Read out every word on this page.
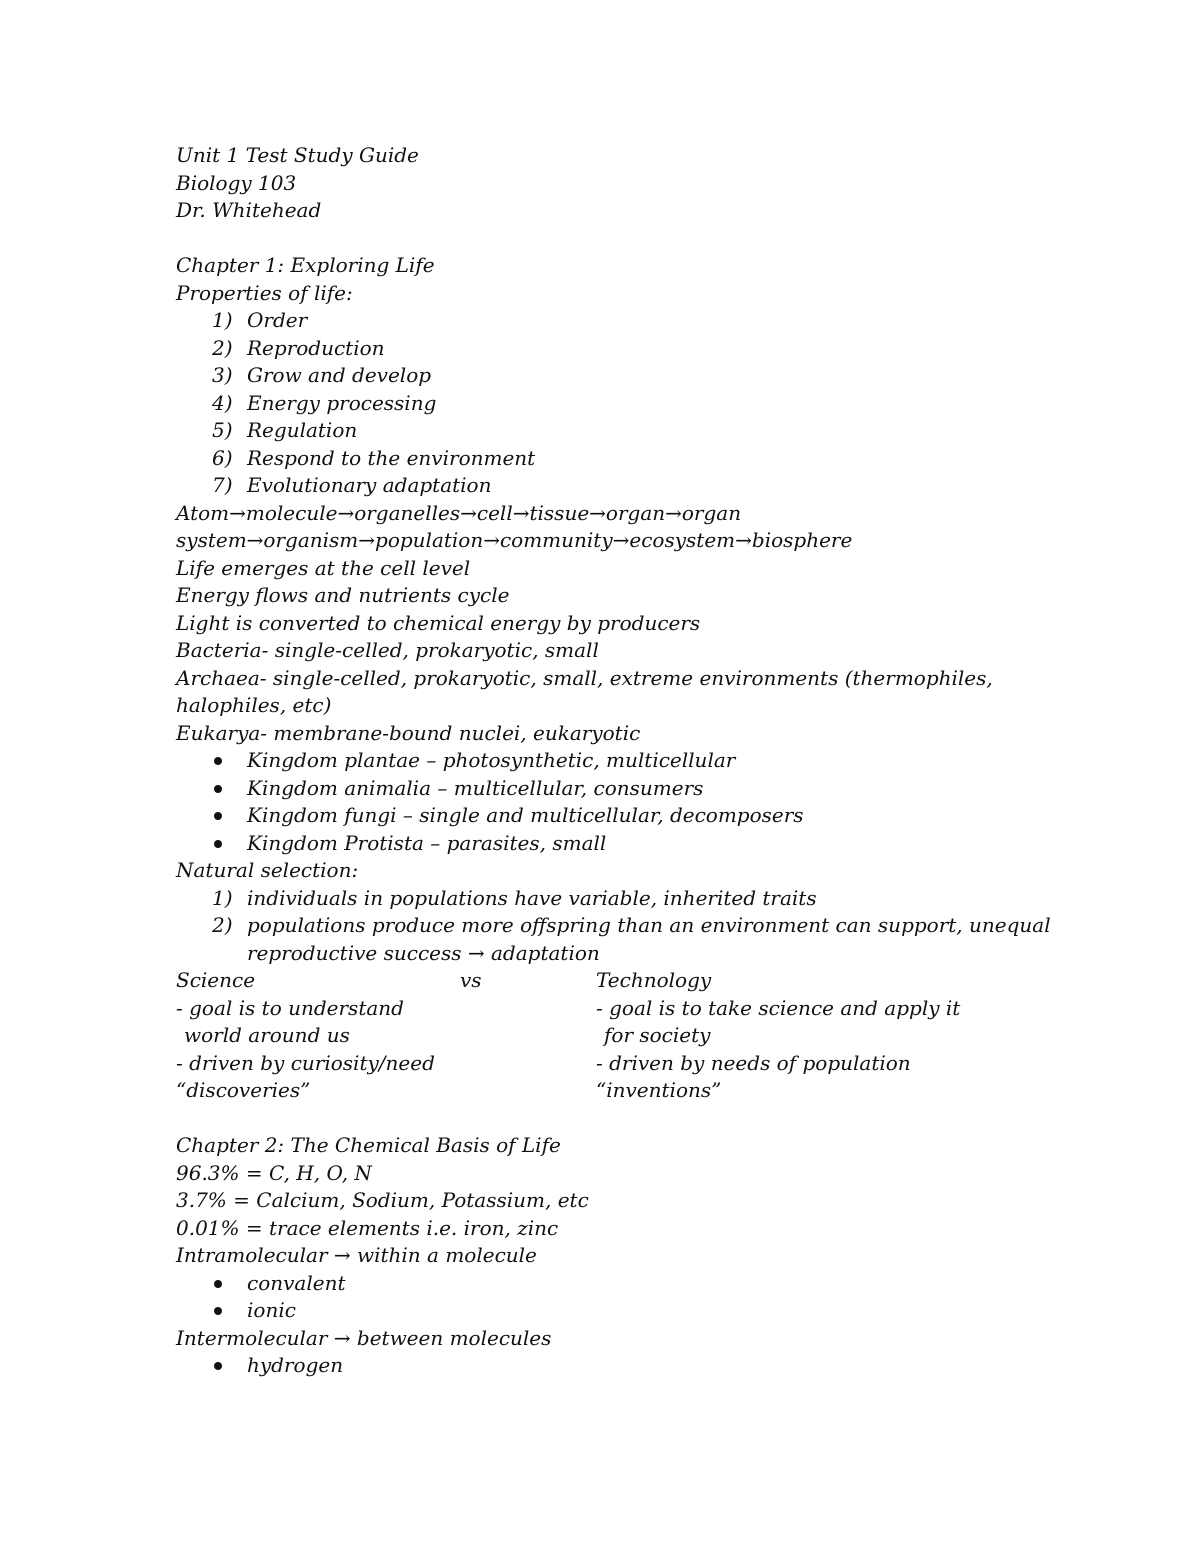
Unit 1 Test Study Guide
Biology 103
Dr. Whitehead
Chapter 1: Exploring Life
Properties of life:
1) Order
2) Reproduction
3) Grow and develop
4) Energy processing
5) Regulation
6) Respond to the environment
7) Evolutionary adaptation
Atom→molecule→organelles→cell→tissue→organ→organ
system→organism→population→community→ecosystem→biosphere
Life emerges at the cell level
Energy flows and nutrients cycle
Light is converted to chemical energy by producers
Bacteria- single-celled, prokaryotic, small
Archaea- single-celled, prokaryotic, small, extreme environments (thermophiles,
halophiles, etc)
Eukarya- membrane-bound nuclei, eukaryotic
Kingdom plantae – photosynthetic, multicellular
Kingdom animalia – multicellular, consumers
Kingdom fungi – single and multicellular, decomposers
Kingdom Protista – parasites, small
Natural selection:
1) individuals in populations have variable, inherited traits
2) populations produce more offspring than an environment can support, unequal
reproductive success → adaptation
Science	vs	Technology
- goal is to understand	- goal is to take science and apply it
world around us	for society
- driven by curiosity/need	- driven by needs of population
“discoveries”	“inventions”
Chapter 2: The Chemical Basis of Life
96.3% = C, H, O, N
3.7% = Calcium, Sodium, Potassium, etc
0.01% = trace elements i.e. iron, zinc
Intramolecular → within a molecule
convalent
ionic
Intermolecular → between molecules
hydrogen
